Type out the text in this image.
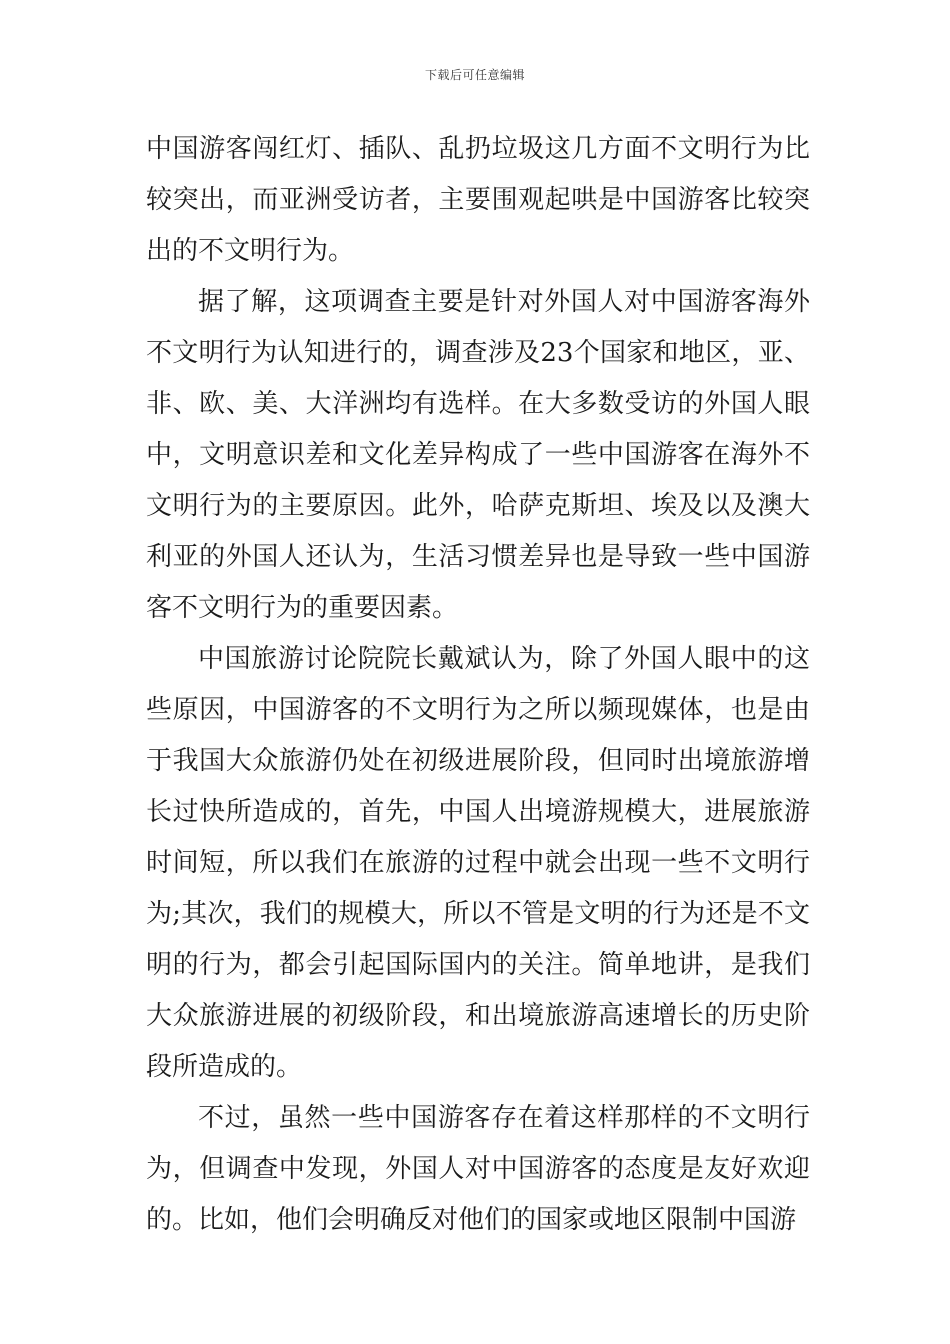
下载后可任意编辑

中国游客闯红灯、插队、乱扔垃圾这几方面不文明行为比较突出，而亚洲受访者，主要围观起哄是中国游客比较突出的不文明行为。

据了解，这项调查主要是针对外国人对中国游客海外不文明行为认知进行的，调查涉及23个国家和地区，亚、非、欧、美、大洋洲均有选样。在大多数受访的外国人眼中，文明意识差和文化差异构成了一些中国游客在海外不文明行为的主要原因。此外，哈萨克斯坦、埃及以及澳大利亚的外国人还认为，生活习惯差异也是导致一些中国游客不文明行为的重要因素。

中国旅游讨论院院长戴斌认为，除了外国人眼中的这些原因，中国游客的不文明行为之所以频现媒体，也是由于我国大众旅游仍处在初级进展阶段，但同时出境旅游增长过快所造成的，首先，中国人出境游规模大，进展旅游时间短，所以我们在旅游的过程中就会出现一些不文明行为;其次，我们的规模大，所以不管是文明的行为还是不文明的行为，都会引起国际国内的关注。简单地讲，是我们大众旅游进展的初级阶段，和出境旅游高速增长的历史阶段所造成的。

不过，虽然一些中国游客存在着这样那样的不文明行为，但调查中发现，外国人对中国游客的态度是友好欢迎的。比如，他们会明确反对他们的国家或地区限制中国游
